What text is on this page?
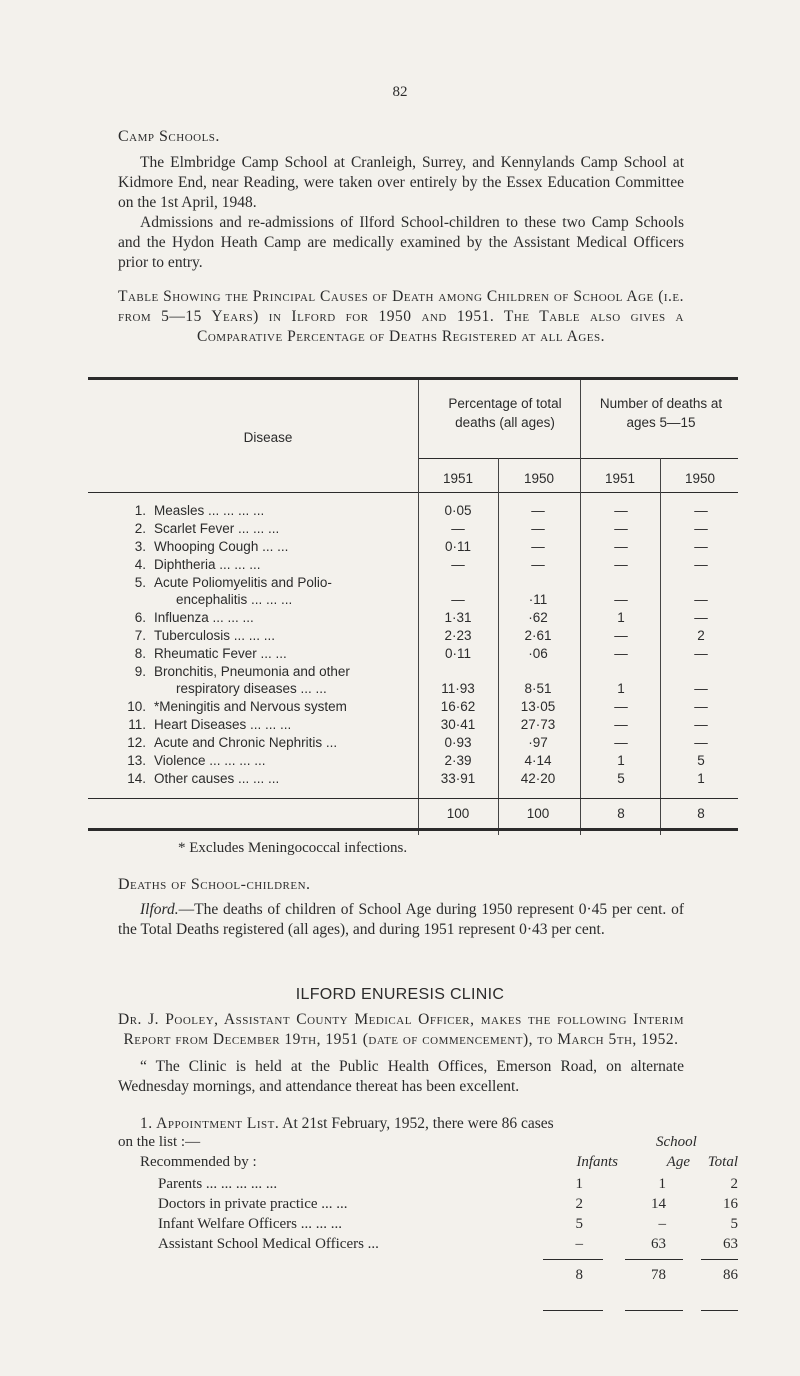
82
Camp Schools.

The Elmbridge Camp School at Cranleigh, Surrey, and Kennylands Camp School at Kidmore End, near Reading, were taken over entirely by the Essex Education Committee on the 1st April, 1948.

Admissions and re-admissions of Ilford School-children to these two Camp Schools and the Hydon Heath Camp are medically examined by the Assistant Medical Officers prior to entry.

Table Showing the Principal Causes of Death among Children of School Age (i.e. from 5—15 Years) in Ilford for 1950 and 1951. The Table also gives a Comparative Percentage of Deaths Registered at all Ages.
Disease
Percentage of total deaths (all ages)
Number of deaths at ages 5—15
1951	1950	1951	1950
1. Measles ... ... ... ...	0·05	—	—	—
2. Scarlet Fever ... ... ...	—	—	—	—
3. Whooping Cough ... ...	0·11	—	—	—
4. Diphtheria ... ... ...	—	—	—	—
5. Acute Poliomyelitis and Polio-
encephalitis ... ... ...	—	·11	—	—
6. Influenza ... ... ...	1·31	·62	1	—
7. Tuberculosis ... ... ...	2·23	2·61	—	2
8. Rheumatic Fever ... ...	0·11	·06	—	—
9. Bronchitis, Pneumonia and other
respiratory diseases ... ...	11·93	8·51	1	—
10. *Meningitis and Nervous system	16·62	13·05	—	—
11. Heart Diseases ... ... ...	30·41	27·73	—	—
12. Acute and Chronic Nephritis ...	0·93	·97	—	—
13. Violence ... ... ... ...	2·39	4·14	1	5
14. Other causes ... ... ...	33·91	42·20	5	1
100	100	8	8
* Excludes Meningococcal infections.
Deaths of School-children.

Ilford.—The deaths of children of School Age during 1950 represent 0·45 per cent. of the Total Deaths registered (all ages), and during 1951 represent 0·43 per cent.

ILFORD ENURESIS CLINIC
Dr. J. Pooley, Assistant County Medical Officer, makes the following Interim Report from December 19th, 1951 (date of commencement), to March 5th, 1952.

“ The Clinic is held at the Public Health Offices, Emerson Road, on alternate Wednesday mornings, and attendance thereat has been excellent.

1. Appointment List. At 21st February, 1952, there were 86 cases
on the list :—	School
Recommended by :	Infants	Age	Total
Parents ... ... ... ... ...	1	1	2
Doctors in private practice ... ...	2	14	16
Infant Welfare Officers ... ... ...	5	–	5
Assistant School Medical Officers ...	–	63	63
8	78	86
